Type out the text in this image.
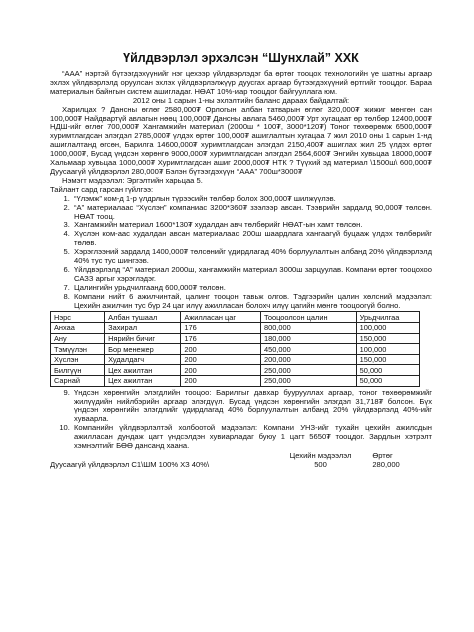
Үйлдвэрлэл эрхэлсэн “Шунхлай” ХХК

“ААА” нэртэй бүтээгдэхүүнийг нэг цехээр үйлдвэрлэдэг ба өртөг тооцох технологийн үе шатны аргаар эхлэх үйлдвэрлэлд оруулсан эхлэх үйлдвэрлэлжүүр дуусгах аргаар бүтээгдэхүүний өртгийг тооцдог. Бараа материалын байнгын систем ашигладаг. НӨАТ 10%-иар тооцдог байгууллага юм.

2012 оны 1 сарын 1-ны эхлэлтийн баланс дараах байдалтай:

Харилцах ? Дансны өглөг 2580,000₮ Орлогын албан татварын өглөг 320,000₮ жижиг мөнгөн сан 100,000₮ Найдвартүй авлагын нөөц 100,000₮ Дансны авлага 5460,000₮ Урт хугацаат өр төлбөр 12400,000₮ НДШ-ийг өглөг 700,000₮ Хангамжийн материал (2000ш * 100₮, 3000*120₮) Тоног төхөөрөмж 6500,000₮ хуримтлагдсан элэгдэл 2785,000₮ үлдэх өртөг 100,000₮ ашиглалтын хугацаа 7 жил 2010 оны 1 сарын 1-нд ашиглалтанд өгсөн, Барилга 14600,000₮ хуримтлагдсан элэгдэл 2150,400₮ ашиглах жил 25 үлдэх өртөг 1000,000₮, Бусад үндсэн хөрөнгө 9000,000₮ хуримтлагдсан элэгдэл 2564,600₮ Энгийн хувьцаа 18000,000₮ Хальмаар хувьцаа 1000,000₮ Хуримтлагдсан ашиг 2000,000₮ НТК ? Түүхий эд материал \1500ш\ 600,000₮ Дуусаагүй үйлдвэрлэл 280,000₮ Бэлэн бүтээгдэхүүн “ААА” 700ш*3000₮

Нэмэгт мэдээлэл: Эргэлтийн харьцаа 5.

Тайлант сард гарсан гүйлгээ:

1. “Үлэмж” ком-д 1-р үлдрлын түрээсийн төлбөр болох 300,000₮ шилжүүлэв.
2. “А” материалаас “Хүслэн” компаниас 3200*360₮ зээлээр авсан. Тээврийн зардалд 90,000₮ төлсөн. НӨАТ тооц.
3. Хангамжийн материал 1600*130₮ худалдан авч төлбөрийг НӨАТ-ын хамт төлсөн.
4. Хүслэн ком-аас худалдан авсан материалаас 200ш шаардлага хангаагүй буцааж үлдэх төлбөрийг төлөв.
5. Хэрэглээний зардалд 1400,000₮ төлсөнийг үдирдлагад 40% борлуулалтын албанд 20% үйлдвэрлэлд 40% тус тус шингээв.
6. Үйлдвэрлэлд “А” материал 2000ш, хангамжийн материал 3000ш зарцуулав. Компани өртөг тооцохоо САЗЗ аргыг хэрэглэдэг.
7. Цалингийн урьдчилгаанд 600,000₮ төлсөн.
8. Компани нийт 6 ажилчинтай, цалинг тооцон тавьж олгов. Тэдгээрийн цалин хөлсний мэдээлэл: Цехийн ажилчин тус бүр 24 цаг илүү ажилласан болохч илүү цагийн мөнгө тооцоогүй болно.
Нэрс	Албан тушаал	Ажилласан цаг	Тооцоолсон цалин	Урьдчилгаа
Анхаа	Захирал	176	800,000	100,000
Ану	Нярийн бичиг	176	180,000	150,000
Тэмүүлэн	Бор менежер	200	450,000	100,000
Хүслэн	Худалдагч	200	200,000	150,000
Билгүүн	Цех ажилтан	200	250,000	50,000
Сарнай	Цех ажилтан	200	250,000	50,000
9. Үндсэн хөрөнгийн элэгдлийн тооцоо: Барилгыг давхар буурууллах аргаар, тоног төхөөрөмжийг жилүүдийн нийлбэрийн аргаар элэгдүүл. Бусад үндсэн хөрөнгийн элэгдэл 31,718₮ болсон. Бүх үндсэн хөрөнгийн элэгдлийг үдирдлагад 40% борлуулалтын албанд 20% үйлдвэрлэлд 40%-ийг хуваарла.
10. Компанийн үйлдвэрлэлтэй холбоотой мэдээлэл: Компани УНЗ-ийг тухайн цехийн ажилсдын ажилласан дундаж цагт үндсэлдэн хувиарладаг буюу 1 цагт 5650₮ тооцдог. Зардлын хэтрэлт хэмнэлтийг БӨӨ дансанд хаана.
Цехийн мэдээлэл	Өртөг
Дуусаагүй үйлдвэрлэл С1\ШМ 100% ХЗ 40%\	500	280,000
